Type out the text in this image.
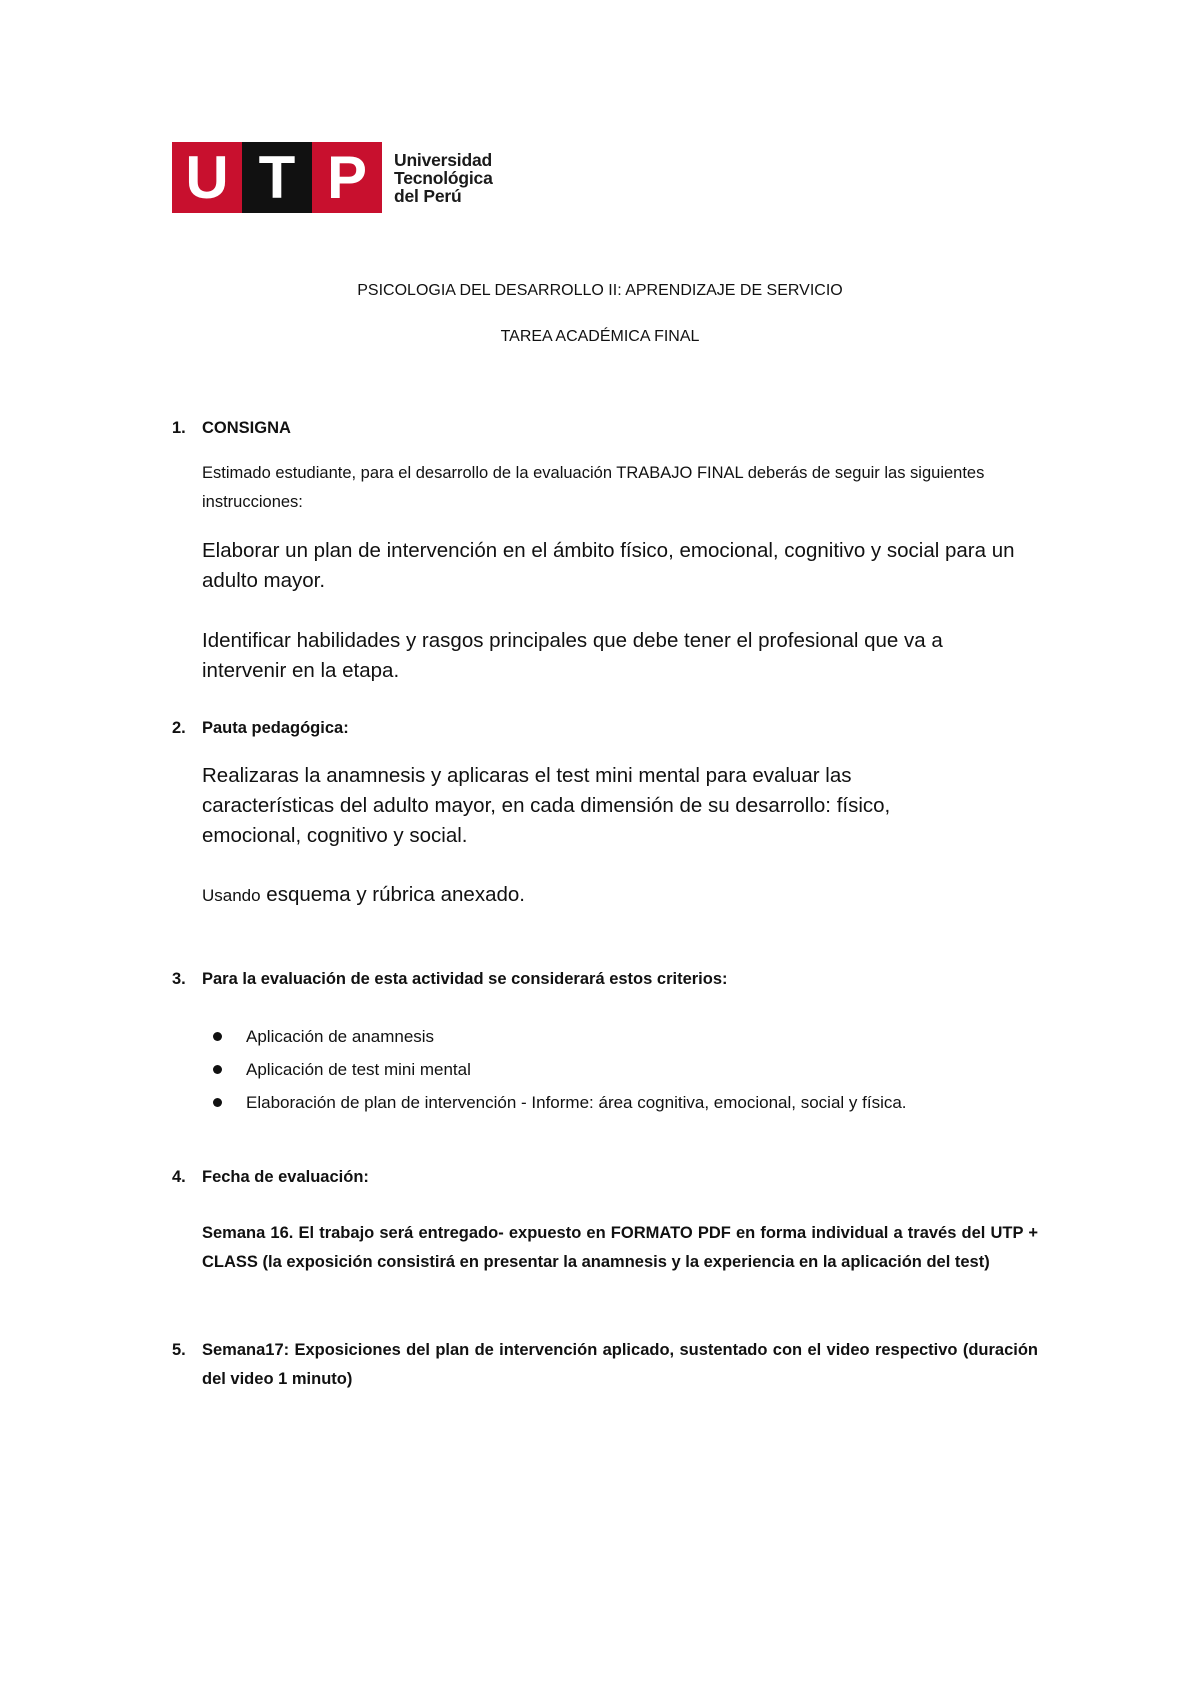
U T P	Universidad
Tecnológica
del Perú
PSICOLOGIA DEL DESARROLLO II: APRENDIZAJE DE SERVICIO
TAREA ACADÉMICA FINAL
1. CONSIGNA
Estimado estudiante, para el desarrollo de la evaluación TRABAJO FINAL deberás de seguir las siguientes instrucciones:
Elaborar un plan de intervención en el ámbito físico, emocional, cognitivo y social para un adulto mayor.
Identificar habilidades y rasgos principales que debe tener el profesional que va a intervenir en la etapa.
2. Pauta pedagógica:
Realizaras la anamnesis y aplicaras el test mini mental para evaluar las características del adulto mayor, en cada dimensión de su desarrollo: físico, emocional, cognitivo y social.
Usando esquema y rúbrica anexado.
3. Para la evaluación de esta actividad se considerará estos criterios:
Aplicación de anamnesis
Aplicación de test mini mental
Elaboración de plan de intervención - Informe: área cognitiva, emocional, social y física.
4. Fecha de evaluación:
Semana 16. El trabajo será entregado- expuesto en FORMATO PDF en forma individual a través del UTP + CLASS (la exposición consistirá en presentar la anamnesis y la experiencia en la aplicación del test)
5. Semana17: Exposiciones del plan de intervención aplicado, sustentado con el video respectivo (duración del video 1 minuto)
